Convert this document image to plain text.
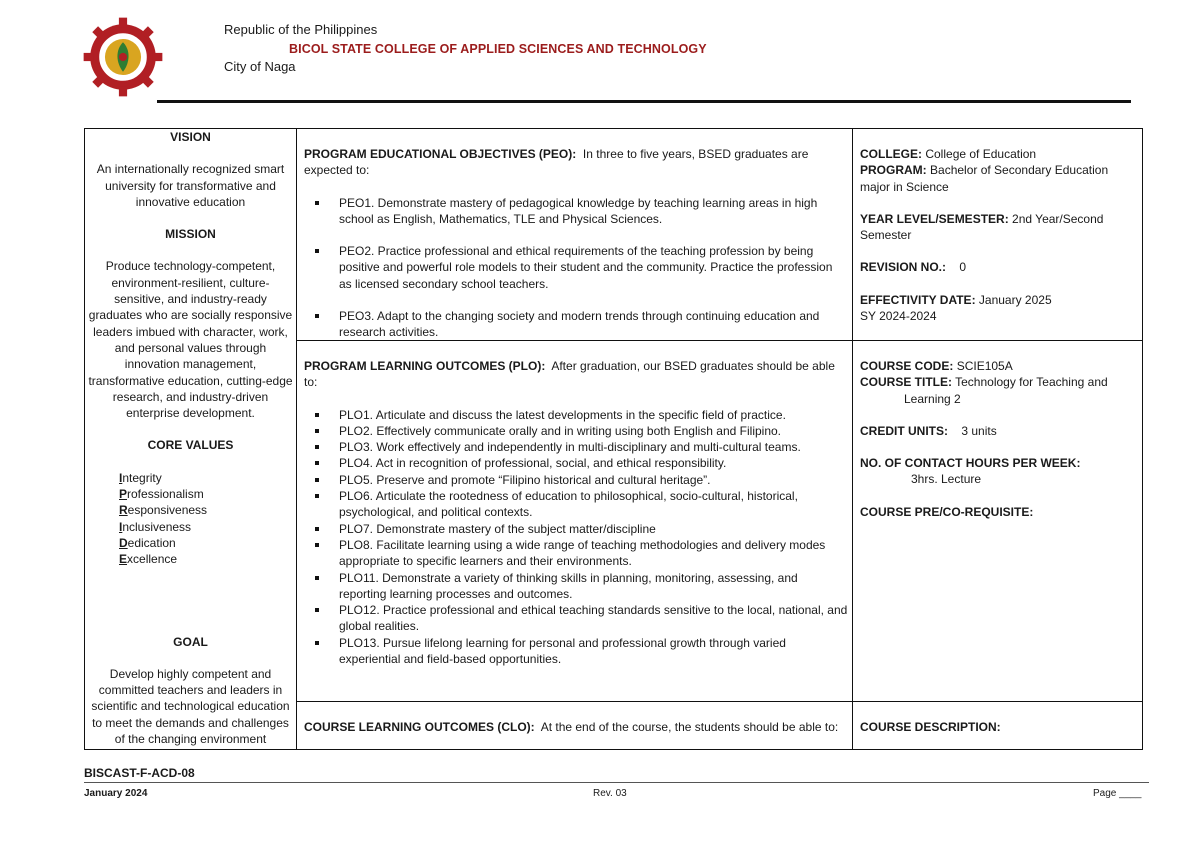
Republic of the Philippines
BICOL STATE COLLEGE OF APPLIED SCIENCES AND TECHNOLOGY
City of Naga
VISION

An internationally recognized smart university for transformative and innovative education

MISSION

Produce technology-competent, environment-resilient, culture-sensitive, and industry-ready graduates who are socially responsive leaders imbued with character, work, and personal values through innovation management, transformative education, cutting-edge research, and industry-driven enterprise development.

CORE VALUES
Integrity
Professionalism
Responsiveness
Inclusiveness
Dedication
Excellence
GOAL

Develop highly competent and committed teachers and leaders in scientific and technological education to meet the demands and challenges of the changing environment

PROGRAM EDUCATIONAL OBJECTIVES (PEO): In three to five years, BSED graduates are expected to:
PEO1. Demonstrate mastery of pedagogical knowledge by teaching learning areas in high school as English, Mathematics, TLE and Physical Sciences.
PEO2. Practice professional and ethical requirements of the teaching profession by being positive and powerful role models to their student and the community. Practice the profession as licensed secondary school teachers.
PEO3. Adapt to the changing society and modern trends through continuing education and research activities.
PROGRAM LEARNING OUTCOMES (PLO): After graduation, our BSED graduates should be able to:
PLO1. Articulate and discuss the latest developments in the specific field of practice.
PLO2. Effectively communicate orally and in writing using both English and Filipino.
PLO3. Work effectively and independently in multi-disciplinary and multi-cultural teams.
PLO4. Act in recognition of professional, social, and ethical responsibility.
PLO5. Preserve and promote “Filipino historical and cultural heritage”.
PLO6. Articulate the rootedness of education to philosophical, socio-cultural, historical, psychological, and political contexts.
PLO7. Demonstrate mastery of the subject matter/discipline
PLO8. Facilitate learning using a wide range of teaching methodologies and delivery modes appropriate to specific learners and their environments.
PLO11. Demonstrate a variety of thinking skills in planning, monitoring, assessing, and reporting learning processes and outcomes.
PLO12. Practice professional and ethical teaching standards sensitive to the local, national, and global realities.
PLO13. Pursue lifelong learning for personal and professional growth through varied experiential and field-based opportunities.
COURSE LEARNING OUTCOMES (CLO): At the end of the course, the students should be able to:
COLLEGE: College of Education
PROGRAM: Bachelor of Secondary Education major in Science
YEAR LEVEL/SEMESTER: 2nd Year/Second Semester
REVISION NO.: 0
EFFECTIVITY DATE: January 2025
SY 2024-2024
COURSE CODE: SCIE105A
COURSE TITLE: Technology for Teaching and
Learning 2
CREDIT UNITS: 3 units
NO. OF CONTACT HOURS PER WEEK:
3hrs. Lecture
COURSE PRE/CO-REQUISITE:
COURSE DESCRIPTION:
BISCAST-F-ACD-08
January 2024	Rev. 03	Page ____
